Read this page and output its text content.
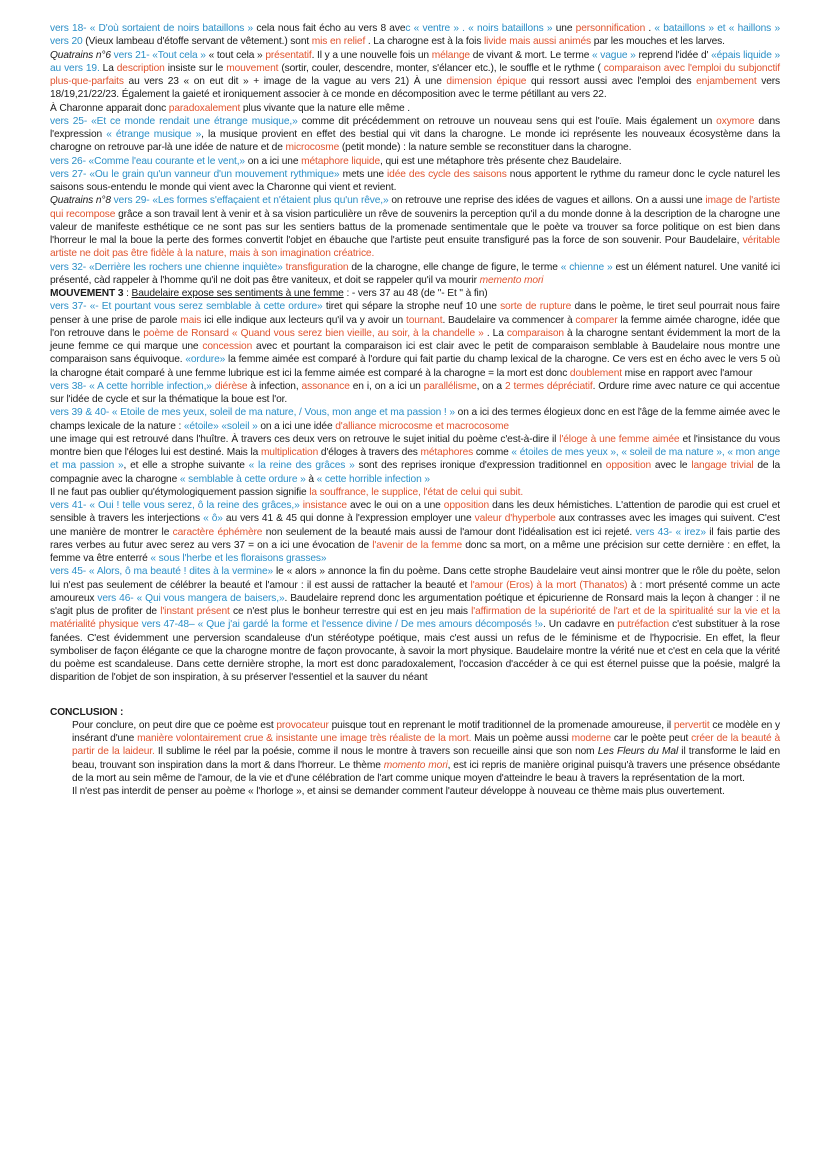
vers 18- « D'où sortaient de noirs bataillons » cela nous fait écho au vers 8 avec « ventre » . « noirs bataillons » une personnification . « bataillons » et « haillons » vers 20 (Vieux lambeau d'étoffe servant de vêtement.) sont mis en relief . La charogne est à la fois livide mais aussi animés par les mouches et les larves.

Quatrains n°6 vers 21- «Tout cela » « tout cela » présentatif. Il y a une nouvelle fois un mélange de vivant & mort. Le terme « vague » reprend l'idée d' «épais liquide » au vers 19. La description insiste sur le mouvement (sortir, couler, descendre, monter, s'élancer etc.), le souffle et le rythme ( comparaison avec l'emploi du subjonctif plus-que-parfaits au vers 23 « on eut dit » + image de la vague au vers 21) À une dimension épique qui ressort aussi avec l'emploi des enjambement vers 18/19,21/22/23. Également la gaieté et ironiquement associer à ce monde en décomposition avec le terme pétillant au vers 22.

À Charonne apparait donc paradoxalement plus vivante que la nature elle même .

vers 25- «Et ce monde rendait une étrange musique,» comme dit précédemment on retrouve un nouveau sens qui est l'ouïe. Mais également un oxymore dans l'expression « étrange musique », la musique provient en effet des bestial qui vit dans la charogne. Le monde ici représente les nouveaux écosystème dans la charogne on retrouve par-là une idée de nature et de microcosme (petit monde) : la nature semble se reconstituer dans la charogne.

vers 26- «Comme l'eau courante et le vent,» on a ici une métaphore liquide, qui est une métaphore très présente chez Baudelaire.

vers 27- «Ou le grain qu'un vanneur d'un mouvement rythmique» mets une idée des cycle des saisons nous apportent le rythme du rameur donc le cycle naturel les saisons sous-entendu le monde qui vient avec la Charonne qui vient et revient.

Quatrains n°8 vers 29- «Les formes s'effaçaient et n'étaient plus qu'un rêve,» on retrouve une reprise des idées de vagues et aillons. On a aussi une image de l'artiste qui recompose grâce a son travail lent à venir et à sa vision particulière un rêve de souvenirs la perception qu'il a du monde donne à la description de la charogne une valeur de manifeste esthétique ce ne sont pas sur les sentiers battus de la promenade sentimentale que le poète va trouver sa force politique on est bien dans l'horreur le mal la boue la perte des formes convertit l'objet en ébauche que l'artiste peut ensuite transfiguré pas la force de son souvenir. Pour Baudelaire, véritable artiste ne doit pas être fidèle à la nature, mais à son imagination créatrice.

vers 32- «Derrière les rochers une chienne inquiète» transfiguration de la charogne, elle change de figure, le terme « chienne » est un élément naturel. Une vanité ici présenté, càd rappeler à l'homme qu'il ne doit pas être vaniteux, et doit se rappeler qu'il va mourir memento mori

MOUVEMENT 3 : Baudelaire expose ses sentiments à une femme : - vers 37 au 48 (de "- Et " à fin)

vers 37- «- Et pourtant vous serez semblable à cette ordure» tiret qui sépare la strophe neuf 10 une sorte de rupture dans le poème, le tiret seul pourrait nous faire penser à une prise de parole mais ici elle indique aux lecteurs qu'il va y avoir un tournant. Baudelaire va commencer à comparer la femme aimée charogne, idée que l'on retrouve dans le poème de Ronsard « Quand vous serez bien vieille, au soir, à la chandelle » . La comparaison à la charogne sentant évidemment la mort de la jeune femme ce qui marque une concession avec et pourtant la comparaison ici est clair avec le petit de comparaison semblable à Baudelaire nous montre une comparaison sans équivoque. «ordure» la femme aimée est comparé à l'ordure qui fait partie du champ lexical de la charogne. Ce vers est en écho avec le vers 5 où la charogne était comparé à une femme lubrique est ici la femme aimée est comparé à la charogne = la mort est donc doublement mise en rapport avec l'amour

vers 38- « A cette horrible infection,» diérèse à infection, assonance en i, on a ici un parallélisme, on a 2 termes dépréciatif. Ordure rime avec nature ce qui accentue sur l'idée de cycle et sur la thématique la boue est l'or.

vers 39 & 40- « Etoile de mes yeux, soleil de ma nature, / Vous, mon ange et ma passion ! » on a ici des termes élogieux donc en est l'âge de la femme aimée avec le champs lexicale de la nature : «étoile» «soleil » on a ici une idée d'alliance microcosme et macrocosome

une image qui est retrouvé dans l'huître. À travers ces deux vers on retrouve le sujet initial du poème c'est-à-dire il l'éloge à une femme aimée et l'insistance du vous montre bien que l'éloges lui est destiné. Mais la multiplication d'éloges à travers des métaphores comme « étoiles de mes yeux », « soleil de ma nature », « mon ange et ma passion », et elle a strophe suivante « la reine des grâces » sont des reprises ironique d'expression traditionnel en opposition avec le langage trivial de la compagnie avec la charogne « semblable à cette ordure » à « cette horrible infection »

Il ne faut pas oublier qu'étymologiquement passion signifie la souffrance, le supplice, l'état de celui qui subit.

vers 41- « Oui ! telle vous serez, ô la reine des grâces,» insistance avec le oui on a une opposition dans les deux hémistiches. L'attention de parodie qui est cruel et sensible à travers les interjections « ô» au vers 41 & 45 qui donne à l'expression employer une valeur d'hyperbole aux contrasses avec les images qui suivent. C'est une manière de montrer le caractère éphémère non seulement de la beauté mais aussi de l'amour dont l'idéalisation est ici rejeté. vers 43- « irez» il fais partie des rares verbes au futur avec serez au vers 37 = on a ici une évocation de l'avenir de la femme donc sa mort, on a même une précision sur cette dernière : en effet, la femme va être enterré « sous l'herbe et les floraisons grasses»

vers 45- « Alors, ô ma beauté ! dites à la vermine» le « alors » annonce la fin du poème. Dans cette strophe Baudelaire veut ainsi montrer que le rôle du poète, selon lui n'est pas seulement de célébrer la beauté et l'amour : il est aussi de rattacher la beauté et l'amour (Eros) à la mort (Thanatos) à : mort présenté comme un acte amoureux vers 46- « Qui vous mangera de baisers,». Baudelaire reprend donc les argumentation poétique et épicurienne de Ronsard mais la leçon à changer : il ne s'agit plus de profiter de l'instant présent ce n'est plus le bonheur terrestre qui est en jeu mais l'affirmation de la supériorité de l'art et de la spiritualité sur la vie et la matérialité physique vers 47-48– « Que j'ai gardé la forme et l'essence divine / De mes amours décomposés !». Un cadavre en putréfaction c'est substituer à la rose fanées. C'est évidemment une perversion scandaleuse d'un stéréotype poétique, mais c'est aussi un refus de le féminisme et de l'hypocrisie. En effet, la fleur symboliser de façon élégante ce que la charogne montre de façon provocante, à savoir la mort physique. Baudelaire montre la vérité nue et c'est en cela que la vérité du poème est scandaleuse. Dans cette dernière strophe, la mort est donc paradoxalement, l'occasion d'accéder à ce qui est éternel puisse que la poésie, malgré la disparition de l'objet de son inspiration, à su préserver l'essentiel et la sauver du néant

CONCLUSION :

Pour conclure, on peut dire que ce poème est provocateur puisque tout en reprenant le motif traditionnel de la promenade amoureuse, il pervertit ce modèle en y insérant d'une manière volontairement crue & insistante une image très réaliste de la mort. Mais un poème aussi moderne car le poète peut créer de la beauté à partir de la laideur. Il sublime le réel par la poésie, comme il nous le montre à travers son recueille ainsi que son nom Les Fleurs du Mal il transforme le laid en beau, trouvant son inspiration dans la mort & dans l'horreur. Le thème momento mori, est ici repris de manière original puisqu'à travers une présence obsédante de la mort au sein même de l'amour, de la vie et d'une célébration de l'art comme unique moyen d'atteindre le beau à travers la représentation de la mort.

Il n'est pas interdit de penser au poème « l'horloge », et ainsi se demander comment l'auteur développe à nouveau ce thème mais plus ouvertement.
